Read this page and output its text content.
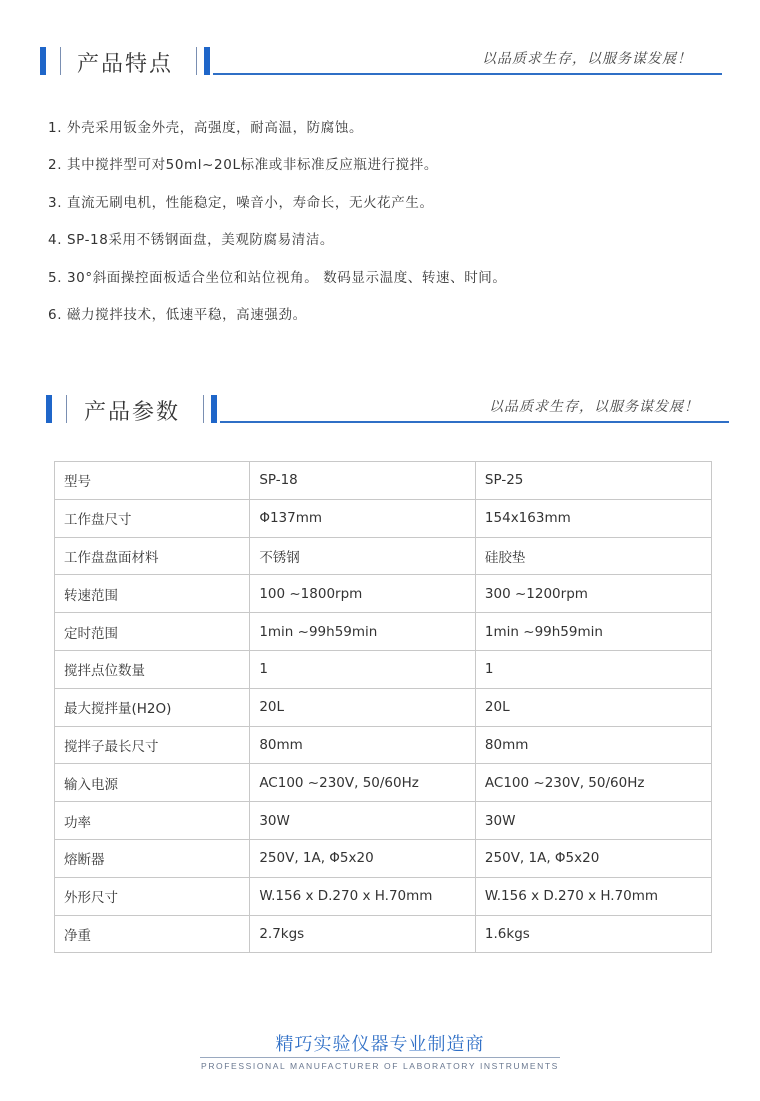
产品特点	以品质求生存，以服务谋发展！
1. 外壳采用钣金外壳，高强度，耐高温，防腐蚀。
2. 其中搅拌型可对50ml~20L标准或非标准反应瓶进行搅拌。
3. 直流无刷电机，性能稳定，噪音小，寿命长，无火花产生。
4. SP-18采用不锈钢面盘，美观防腐易清洁。
5. 30°斜面操控面板适合坐位和站位视角。 数码显示温度、转速、时间。
6. 磁力搅拌技术，低速平稳，高速强劲。
产品参数	以品质求生存，以服务谋发展！
型号	SP-18	SP-25
工作盘尺寸	Φ137mm	154x163mm
工作盘盘面材料	不锈钢	硅胶垫
转速范围	100 ~1800rpm	300 ~1200rpm
定时范围	1min ~99h59min	1min ~99h59min
搅拌点位数量	1	1
最大搅拌量(H2O)	20L	20L
搅拌子最长尺寸	80mm	80mm
输入电源	AC100 ~230V, 50/60Hz	AC100 ~230V, 50/60Hz
功率	30W	30W
熔断器	250V, 1A, Φ5x20	250V, 1A, Φ5x20
外形尺寸	W.156 x D.270 x H.70mm	W.156 x D.270 x H.70mm
净重	2.7kgs	1.6kgs
精巧实验仪器专业制造商
PROFESSIONAL MANUFACTURER OF LABORATORY INSTRUMENTS
